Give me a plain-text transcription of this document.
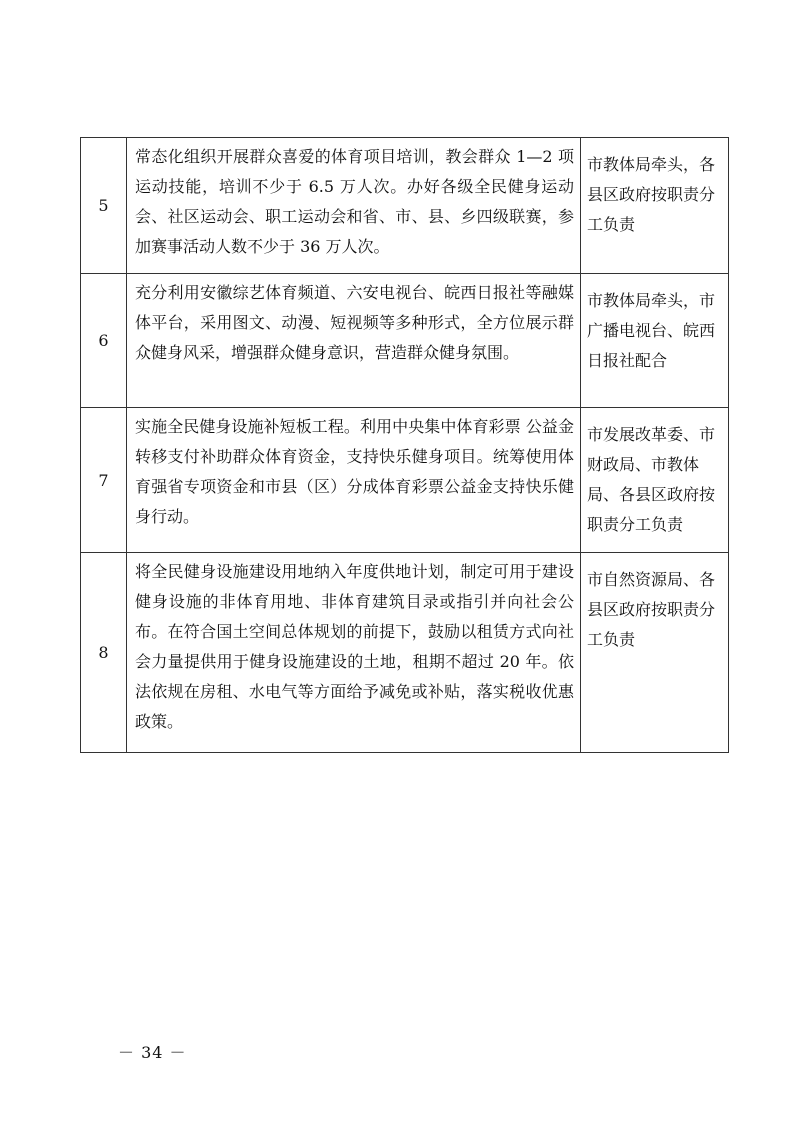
5	常态化组织开展群众喜爱的体育项目培训，教会群众 1—2 项运动技能，培训不少于 6.5 万人次。办好各级全民健身运动会、社区运动会、职工运动会和省、市、县、乡四级联赛，参加赛事活动人数不少于 36 万人次。	市教体局牵头，各县区政府按职责分工负责
6	充分利用安徽综艺体育频道、六安电视台、皖西日报社等融媒体平台，采用图文、动漫、短视频等多种形式，全方位展示群众健身风采，增强群众健身意识，营造群众健身氛围。	市教体局牵头，市广播电视台、皖西日报社配合
7	实施全民健身设施补短板工程。利用中央集中体育彩票 公益金转移支付补助群众体育资金，支持快乐健身项目。统筹使用体育强省专项资金和市县（区）分成体育彩票公益金支持快乐健身行动。	市发展改革委、市财政局、市教体局、各县区政府按职责分工负责
8	将全民健身设施建设用地纳入年度供地计划，制定可用于建设健身设施的非体育用地、非体育建筑目录或指引并向社会公布。在符合国土空间总体规划的前提下，鼓励以租赁方式向社会力量提供用于健身设施建设的土地，租期不超过 20 年。依法依规在房租、水电气等方面给予减免或补贴，落实税收优惠政策。	市自然资源局、各县区政府按职责分工负责
－ 34 －
